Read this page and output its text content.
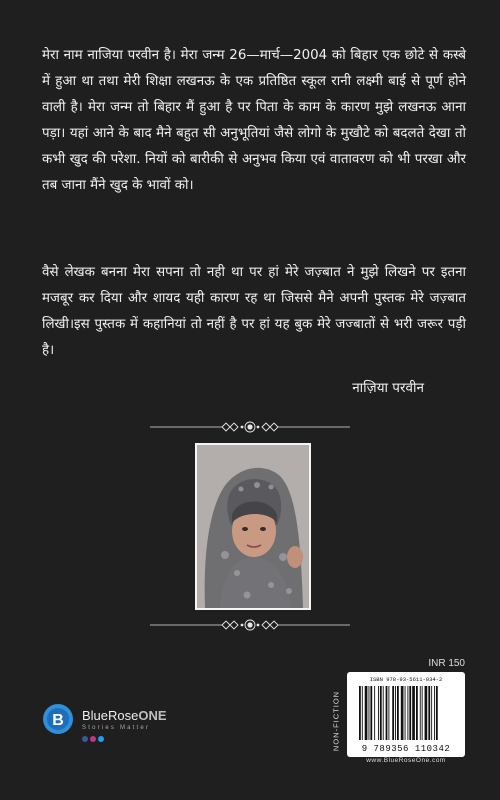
मेरा नाम नाजिया परवीन है। मेरा जन्म 26—मार्च—2004 को बिहार एक छोटे से कस्बे में हुआ था तथा मेरी शिक्षा लखनऊ के एक प्रतिष्ठित स्कूल रानी लक्ष्मी बाई से पूर्ण होने वाली है। मेरा जन्म तो बिहार मैं हुआ है पर पिता के काम के कारण मुझे लखनऊ आना पड़ा। यहां आने के बाद मैने बहुत सी अनुभूतियां जैसे लोगो के मुखौटे को बदलते देखा तो कभी खुद की परेशा. नियों को बारीकी से अनुभव किया एवं वातावरण को भी परखा और तब जाना मैंने खुद के भावों को।
वैसे लेखक बनना मेरा सपना तो नही था पर हां मेरे जज़्बात ने मुझे लिखने पर इतना मजबूर कर दिया और शायद यही कारण रह था जिससे मैने अपनी पुस्तक मेरे जज़्बात लिखी।इस पुस्तक में कहानियां तो नहीं है पर हां यह बुक मेरे जज्बातों से भरी जरूर पड़ी है।
नाज़िया परवीन
INR 150
NON-FICTION
ISBN 978-93-5611-034-2
9 789356 110342
www.BlueRoseOne.com
B BlueRoseONE
Stories Matter
